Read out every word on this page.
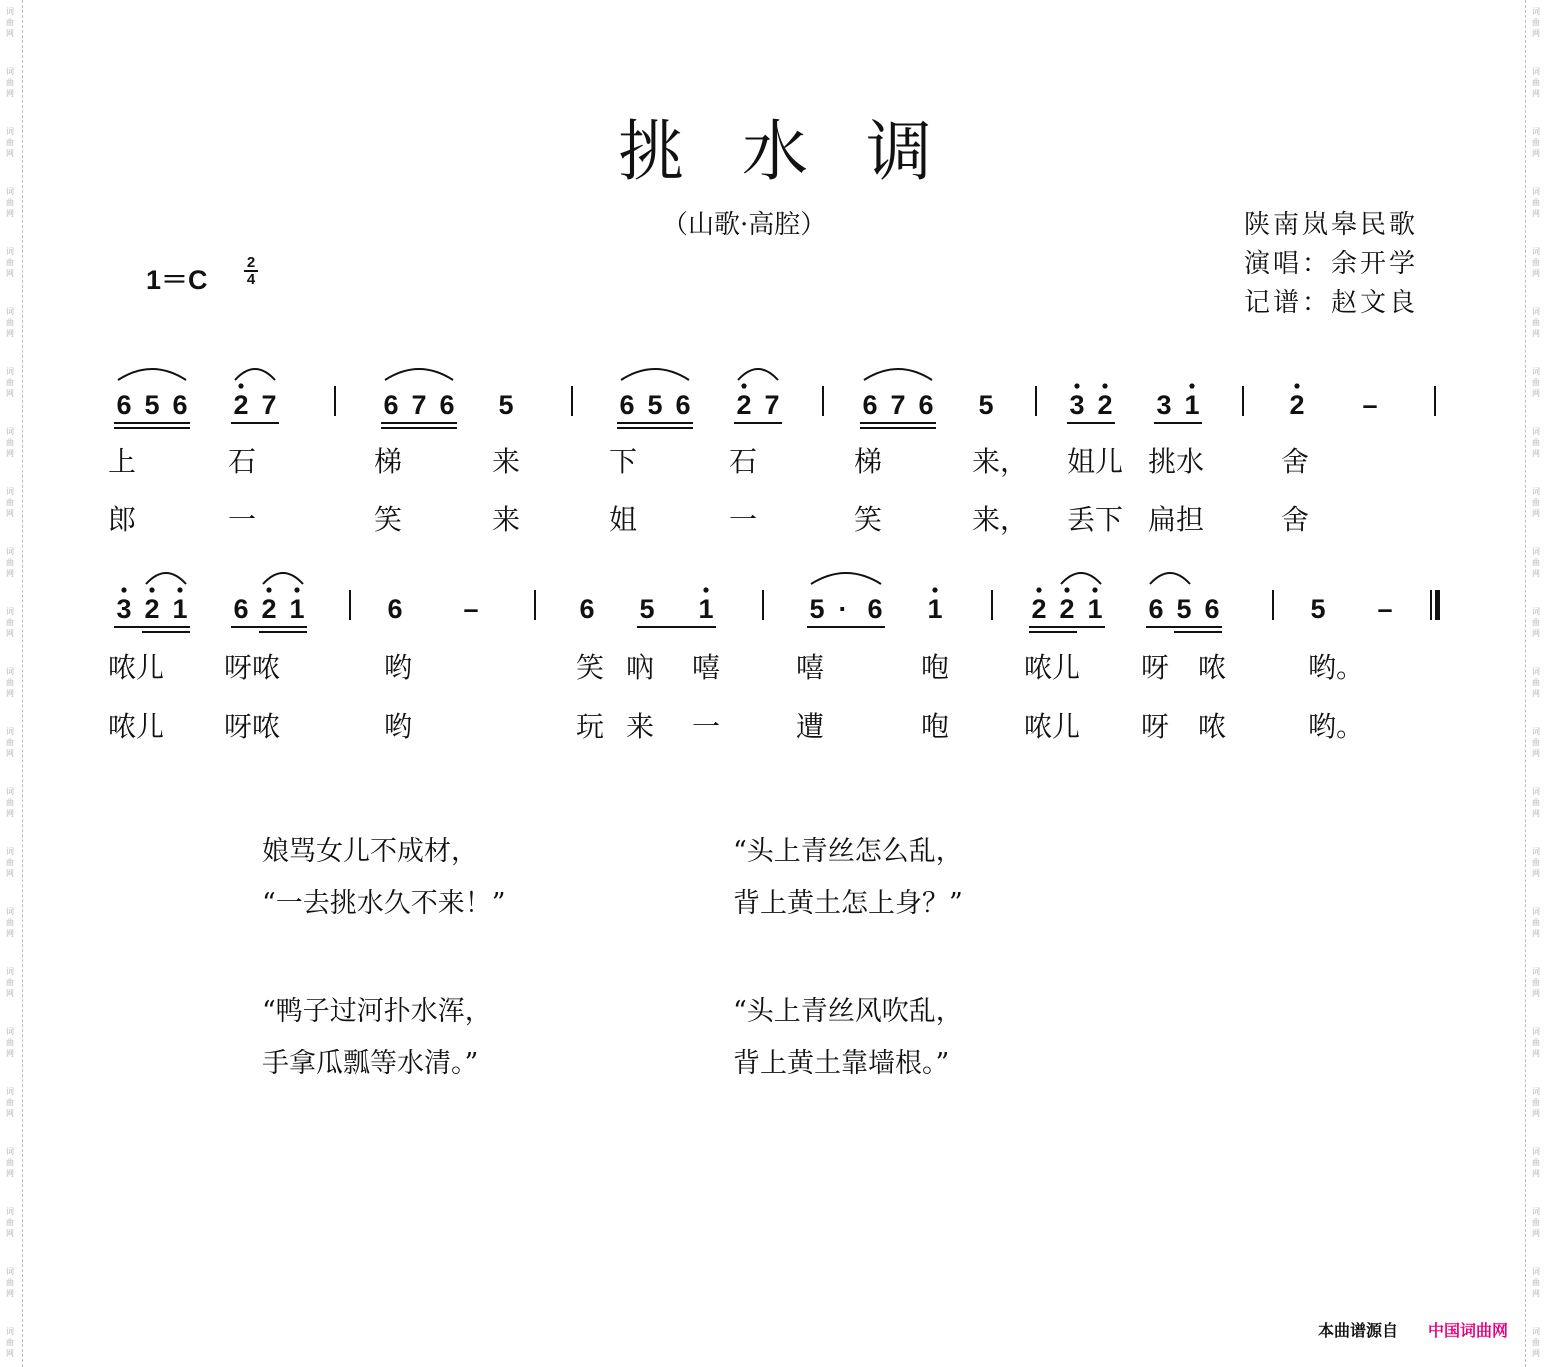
词
曲
网
词
曲
网
词
曲
网
词
曲
网
词
曲
网
词
曲
网
词
曲
网
词
曲
网
词
曲
网
词
曲
网
词
曲
网
词
曲
网
词
曲
网
词
曲
网
词
曲
网
词
曲
网
词
曲
网
词
曲
网
词
曲
网
词
曲
网
词
曲
网
词
曲
网
词
曲
网
词
曲
网
词
曲
网
词
曲
网
词
曲
网
词
曲
网
词
曲
网
词
曲
网
词
曲
网
词
曲
网
词
曲
网
词
曲
网
词
曲
网
词
曲
网
词
曲
网
词
曲
网
词
曲
网
词
曲
网
词
曲
网
词
曲
网
词
曲
网
词
曲
网
词
曲
网
词
曲
网
挑水调
（山歌·高腔）	陕南岚皋民歌
演唱：余开学
记谱：赵文良
1＝C
2
4
6 5 6 2 7	6 7 6 5	6 5 6 2 7	6 7 6 5	3 2 3 1	2 –
上	石	梯	来	下	石	梯	来， 姐儿 挑水	舍
郎	一	笑	来	姐	一	笑	来， 丢下 扁担	舍
3 2 1 6 2 1	6 –	6 5 1	5 · 6 1	2 2 1 6 5 6	5 –
哝儿 呀哝	哟	笑 吶 嘻	嘻	咆	哝儿 呀 哝	哟。
哝儿 呀哝	哟	玩 来 一	遭	咆	哝儿 呀 哝	哟。
娘骂女儿不成材，
“一去挑水久不来！”
“头上青丝怎么乱，
背上黄土怎上身？”
“鸭子过河扑水浑，
手拿瓜瓢等水清。”
“头上青丝风吹乱，
背上黄土靠墙根。”
本曲谱源自 中国词曲网
